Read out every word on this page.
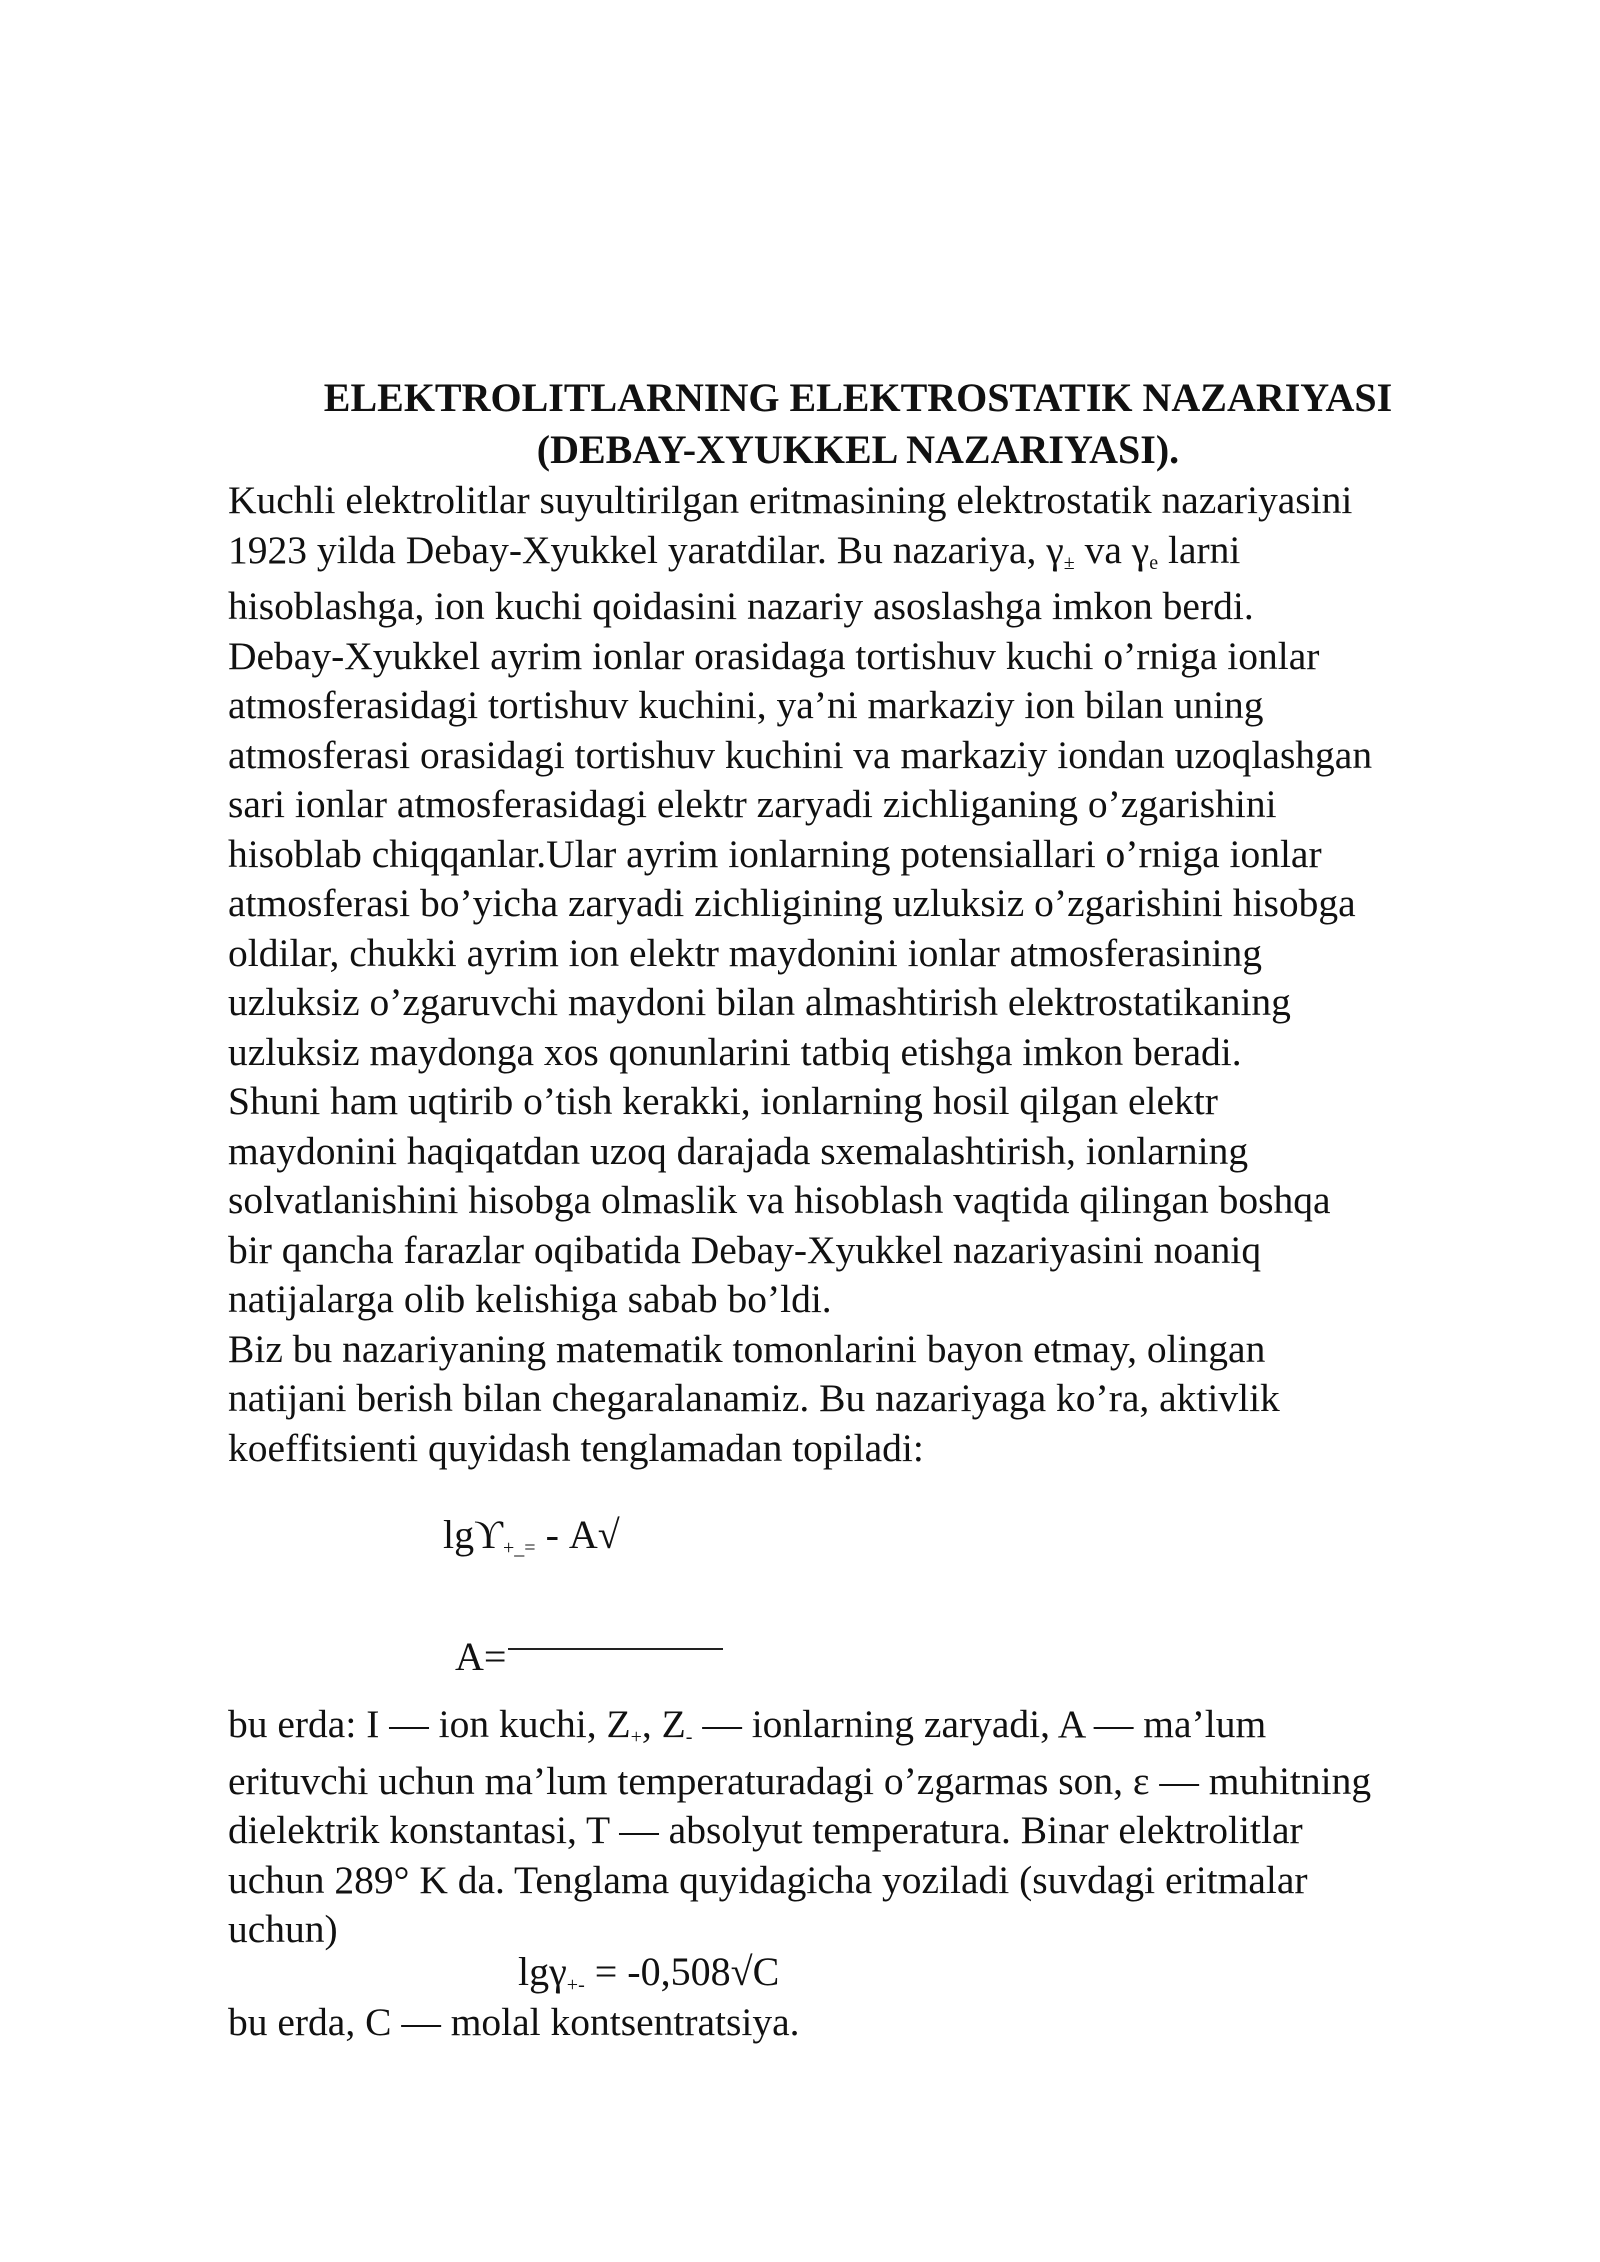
ELEKTROLITLARNING ELEKTROSTATIK NAZARIYASI
(DEBAY-XYUKKEL NAZARIYASI).

Kuchli elektrolitlar suyultirilgan eritmasining elektrostatik nazariyasini
1923 yilda Debay-Xyukkel yaratdilar. Bu nazariya, γ± va γe larni
hisoblashga, ion kuchi qoidasini nazariy asoslashga imkon berdi.
Debay-Xyukkel ayrim ionlar orasidaga tortishuv kuchi o’rniga ionlar
atmosferasidagi tortishuv kuchini, ya’ni markaziy ion bilan uning
atmosferasi orasidagi tortishuv kuchini va markaziy iondan uzoqlashgan
sari ionlar atmosferasidagi elektr zaryadi zichliganing o’zgarishini
hisoblab chiqqanlar.Ular ayrim ionlarning potensiallari o’rniga ionlar
atmosferasi bo’yicha zaryadi zichligining uzluksiz o’zgarishini hisobga
oldilar, chukki ayrim ion elektr maydonini ionlar atmosferasining
uzluksiz o’zgaruvchi maydoni bilan almashtirish elektrostatikaning
uzluksiz maydonga xos qonunlarini tatbiq etishga imkon beradi.

Shuni ham uqtirib o’tish kerakki, ionlarning hosil qilgan elektr
maydonini haqiqatdan uzoq darajada sxemalashtirish, ionlarning
solvatlanishini hisobga olmaslik va hisoblash vaqtida qilingan boshqa
bir qancha farazlar oqibatida Debay-Xyukkel nazariyasini noaniq
natijalarga olib kelishiga sabab bo’ldi.

Biz bu nazariyaning matematik tomonlarini bayon etmay, olingan
natijani berish bilan chegaralanamiz. Bu nazariyaga ko’ra, aktivlik
koeffitsienti quyidash tenglamadan topiladi:

lgϒ+_= - A√
A=

bu erda: I — ion kuchi, Z+, Z- — ionlarning zaryadi, A — ma’lum
erituvchi uchun ma’lum temperaturadagi o’zgarmas son, ε — muhitning
dielektrik konstantasi, T — absolyut temperatura. Binar elektrolitlar
uchun 289° K da. Tenglama quyidagicha yoziladi (suvdagi eritmalar
uchun)

lgγ+- = -0,508√C
bu erda, C — molal kontsentratsiya.
